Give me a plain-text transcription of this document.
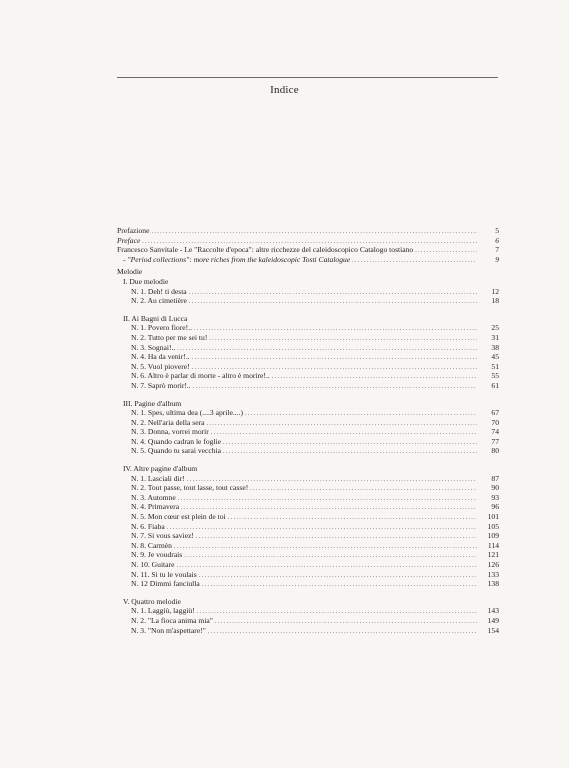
Indice
Prefazione .....	5
Preface .....	6
Francesco Sanvitale - Le "Raccolte d'epoca": altre ricchezze del caleidoscopico Catalogo tostiano .....	7
- "Period collections": more riches from the kaleidoscopic Tosti Catalogue .....	9
Melodie
I. Due melodie
N. 1. Deh! ti desta .....	12
N. 2. Au cimetière .....	18
II. Ai Bagni di Lucca
N. 1. Povero fiore!.. .....	25
N. 2. Tutto per me sei tu! .....	31
N. 3. Sognai!.. .....	38
N. 4. Ha da venir!.. .....	45
N. 5. Vuol piovere! .....	51
N. 6. Altro è parlar di morte - altro è morire!.. .....	55
N. 7. Saprò morir!.. .....	61
III. Pagine d'album
N. 1. Spes, ultima dea (....3 aprile....) .....	67
N. 2. Nell'aria della sera .....	70
N. 3. Donna, vorrei morir .....	74
N. 4. Quando cadran le foglie .....	77
N. 5. Quando tu sarai vecchia .....	80
IV. Altre pagine d'album
N. 1. Lasciali dir! .....	87
N. 2. Tout passe, tout lasse, tout casse! .....	90
N. 3. Automne .....	93
N. 4. Primavera .....	96
N. 5. Mon cœur est plein de toi .....	101
N. 6. Fiaba .....	105
N. 7. Si vous saviez! .....	109
N. 8. Carmèn .....	114
N. 9. Je voudrais .....	121
N. 10. Guitare .....	126
N. 11. Si tu le voulais .....	133
N. 12 Dimmi fanciulla .....	138
V. Quattro melodie
N. 1. Laggiù, laggiù! .....	143
N. 2. "La fioca anima mia" .....	149
N. 3. "Non m'aspettare!" .....	154
